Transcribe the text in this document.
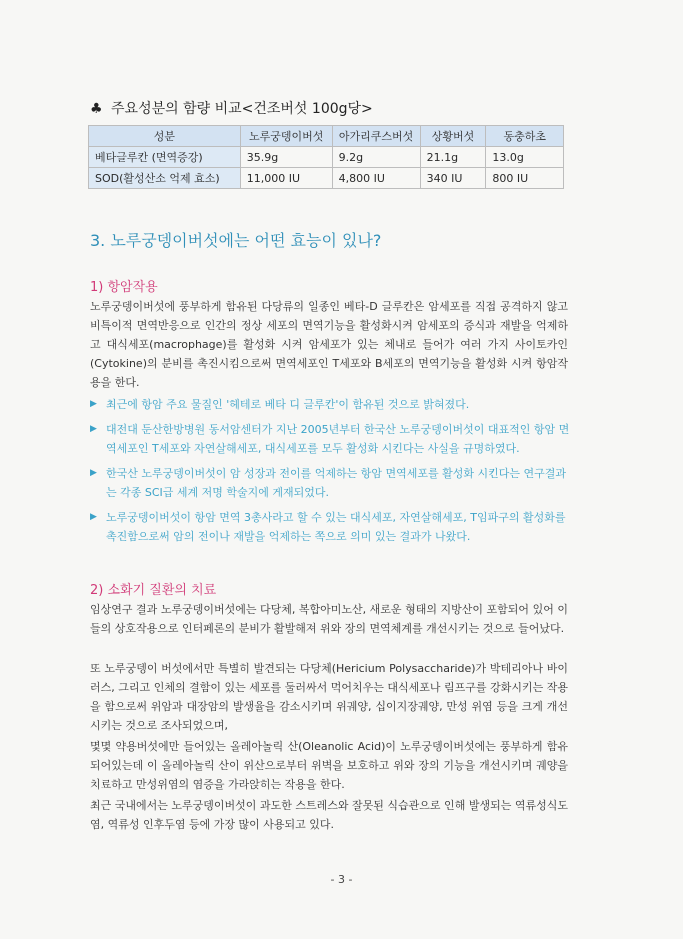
♣ 주요성분의 함량 비교<건조버섯 100g당>
성분	노루궁뎅이버섯	아가리쿠스버섯	상황버섯	동충하초
베타글루칸 (면역증강)	35.9g	9.2g	21.1g	13.0g
SOD(활성산소 억제 효소)	11,000 IU	4,800 IU	340 IU	800 IU
3. 노루궁뎅이버섯에는 어떤 효능이 있나?
1) 항암작용
노루궁뎅이버섯에 풍부하게 함유된 다당류의 일종인 베타-D 글루칸은 암세포를 직접 공격하지 않고 비특이적 면역반응으로 인간의 정상 세포의 면역기능을 활성화시켜 암세포의 증식과 재발을 억제하고 대식세포(macrophage)를 활성화 시켜 암세포가 있는 체내로 들어가 여러 가지 사이토카인(Cytokine)의 분비를 촉진시킴으로써 면역세포인 T세포와 B세포의 면역기능을 활성화 시켜 항암작용을 한다.
▶ 최근에 항암 주요 물질인 '헤테로 베타 디 글루칸'이 함유된 것으로 밝혀졌다.
▶ 대전대 둔산한방병원 동서암센터가 지난 2005년부터 한국산 노루궁뎅이버섯이 대표적인 항암 면역세포인 T세포와 자연살해세포, 대식세포를 모두 활성화 시킨다는 사실을 규명하였다.
▶ 한국산 노루궁뎅이버섯이 암 성장과 전이를 억제하는 항암 면역세포를 활성화 시킨다는 연구결과는 각종 SCI급 세계 저명 학술지에 게재되었다.
▶ 노루궁뎅이버섯이 항암 면역 3총사라고 할 수 있는 대식세포, 자연살해세포, T임파구의 활성화를 촉진함으로써 암의 전이나 재발을 억제하는 쪽으로 의미 있는 결과가 나왔다.
2) 소화기 질환의 치료
임상연구 결과 노루궁뎅이버섯에는 다당체, 복합아미노산, 새로운 형태의 지방산이 포함되어 있어 이들의 상호작용으로 인터페론의 분비가 활발해져 위와 장의 면역체계를 개선시키는 것으로 들어났다.
또 노루궁뎅이 버섯에서만 특별히 발견되는 다당체(Hericium Polysaccharide)가 박테리아나 바이러스, 그리고 인체의 결함이 있는 세포를 둘러싸서 먹어치우는 대식세포나 림프구를 강화시키는 작용을 함으로써 위암과 대장암의 발생율을 감소시키며 위궤양, 십이지장궤양, 만성 위염 등을 크게 개선시키는 것으로 조사되었으며,
몇몇 약용버섯에만 들어있는 올레아놀릭 산(Oleanolic Acid)이 노루궁뎅이버섯에는 풍부하게 함유되어있는데 이 올레아놀릭 산이 위산으로부터 위벽을 보호하고 위와 장의 기능을 개선시키며 궤양을 치료하고 만성위염의 염증을 가라앉히는 작용을 한다.
최근 국내에서는 노루궁뎅이버섯이 과도한 스트레스와 잘못된 식습관으로 인해 발생되는 역류성식도염, 역류성 인후두염 등에 가장 많이 사용되고 있다.
- 3 -
